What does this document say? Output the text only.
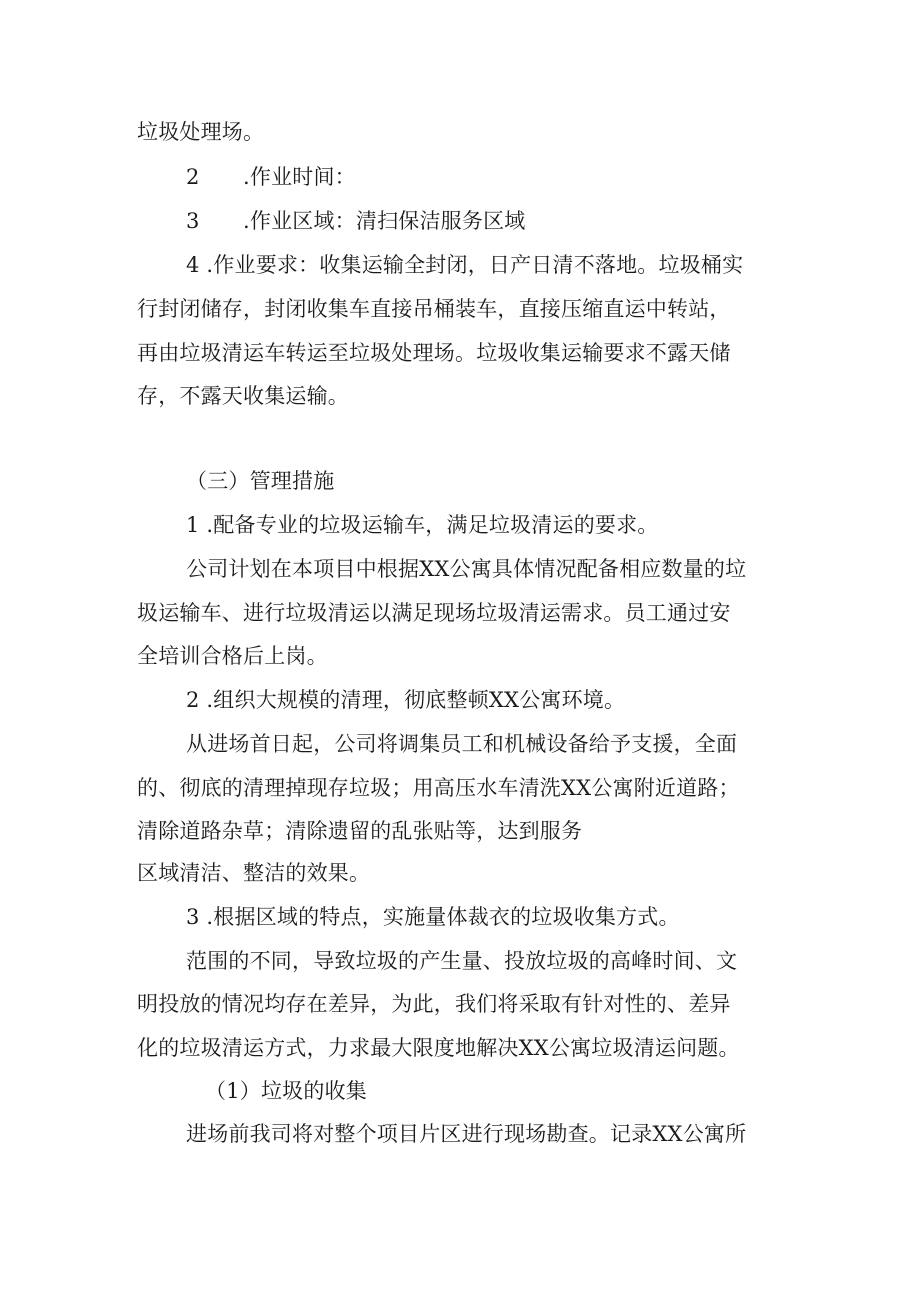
垃圾处理场。
2 .作业时间：
3 .作业区域：清扫保洁服务区域
4 .作业要求：收集运输全封闭，日产日清不落地。垃圾桶实
行封闭储存，封闭收集车直接吊桶装车，直接压缩直运中转站，
再由垃圾清运车转运至垃圾处理场。垃圾收集运输要求不露天储
存，不露天收集运输。
（三）管理措施
1 .配备专业的垃圾运输车，满足垃圾清运的要求。
公司计划在本项目中根据XX公寓具体情况配备相应数量的垃
圾运输车、进行垃圾清运以满足现场垃圾清运需求。员工通过安
全培训合格后上岗。
2 .组织大规模的清理，彻底整顿XX公寓环境。
从进场首日起，公司将调集员工和机械设备给予支援，全面
的、彻底的清理掉现存垃圾；用高压水车清洗XX公寓附近道路；
清除道路杂草；清除遗留的乱张贴等，达到服务
区域清洁、整洁的效果。
3 .根据区域的特点，实施量体裁衣的垃圾收集方式。
范围的不同，导致垃圾的产生量、投放垃圾的高峰时间、文
明投放的情况均存在差异，为此，我们将采取有针对性的、差异
化的垃圾清运方式，力求最大限度地解决XX公寓垃圾清运问题。
（1）垃圾的收集
进场前我司将对整个项目片区进行现场勘查。记录XX公寓所
